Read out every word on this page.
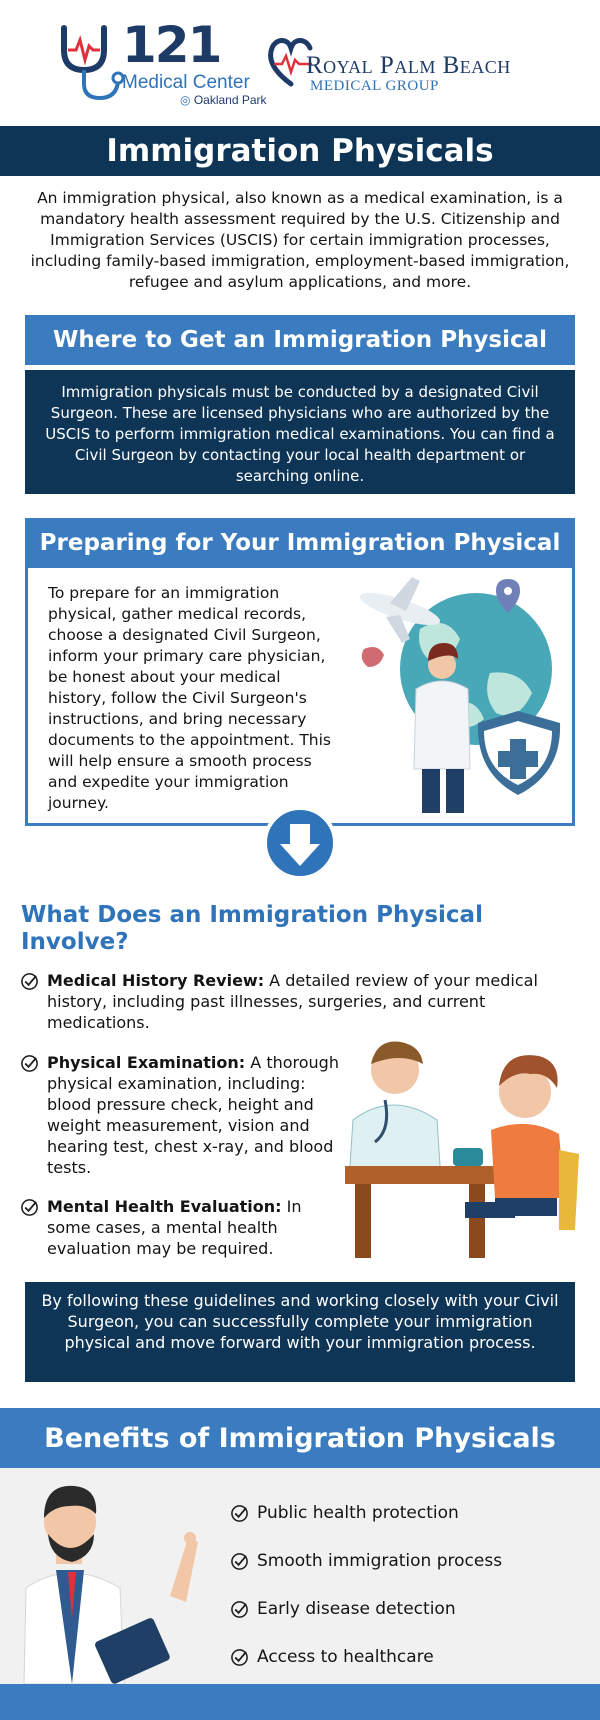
121
Medical Center
◎ Oakland Park
Royal Palm Beach
MEDICAL GROUP
Immigration Physicals

An immigration physical, also known as a medical examination, is a mandatory health assessment required by the U.S. Citizenship and Immigration Services (USCIS) for certain immigration processes, including family-based immigration, employment-based immigration, refugee and asylum applications, and more.

Where to Get an Immigration Physical
Immigration physicals must be conducted by a designated Civil Surgeon. These are licensed physicians who are authorized by the USCIS to perform immigration medical examinations. You can find a Civil Surgeon by contacting your local health department or searching online.
Preparing for Your Immigration Physical

To prepare for an immigration physical, gather medical records, choose a designated Civil Surgeon, inform your primary care physician, be honest about your medical history, follow the Civil Surgeon's instructions, and bring necessary documents to the appointment. This will help ensure a smooth process and expedite your immigration journey.

What Does an Immigration Physical Involve?
Medical History Review: A detailed review of your medical history, including past illnesses, surgeries, and current medications.
Physical Examination: A thorough physical examination, including: blood pressure check, height and weight measurement, vision and hearing test, chest x-ray, and blood tests.
Mental Health Evaluation: In some cases, a mental health evaluation may be required.
By following these guidelines and working closely with your Civil Surgeon, you can successfully complete your immigration physical and move forward with your immigration process.
Benefits of Immigration Physicals
Public health protection
Smooth immigration process
Early disease detection
Access to healthcare
